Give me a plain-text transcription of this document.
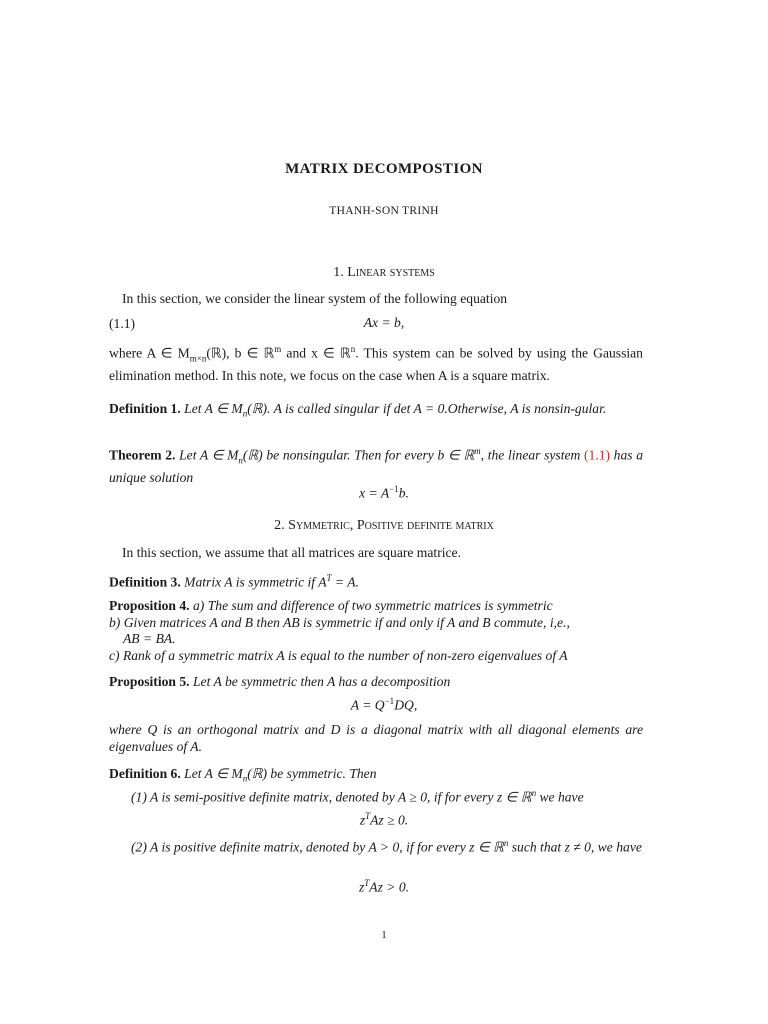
MATRIX DECOMPOSTION
THANH-SON TRINH
1. Linear systems
In this section, we consider the linear system of the following equation
(1.1)	Ax = b,
where A ∈ $M_{m\times n}(ℝ)$, b ∈ ℝ$^m$ and x ∈ ℝ$^n$. This system can be solved by using the Gaussian elimination method. In this note, we focus on the case when A is a square matrix.
Definition 1. Let A ∈ $M_n(ℝ)$. A is called singular if det A = 0.Otherwise, A is nonsin-gular.
Theorem 2. Let A ∈ $M_n(ℝ)$ be nonsingular. Then for every b ∈ ℝ$^m$, the linear system (1.1) has a unique solution
$x = A^{-1}b$.
2. Symmetric, Positive definite matrix
In this section, we assume that all matrices are square matrice.
Definition 3. Matrix A is symmetric if $A^T = A$.
Proposition 4. a) The sum and difference of two symmetric matrices is symmetric
b) Given matrices A and B then AB is symmetric if and only if A and B commute, i,e.,
AB = BA.
c) Rank of a symmetric matrix A is equal to the number of non-zero eigenvalues of A
Proposition 5. Let A be symmetric then A has a decomposition
$A = Q^{-1}DQ$,
where Q is an orthogonal matrix and D is a diagonal matrix with all diagonal elements are eigenvalues of A.
Definition 6. Let A ∈ $M_n(ℝ)$ be symmetric. Then
(1) A is semi-positive definite matrix, denoted by A ≥ 0, if for every z ∈ ℝ$^n$ we have
$z^TAz \ge 0$.
(2) A is positive definite matrix, denoted by A > 0, if for every z ∈ ℝ$^n$ such that z ≠ 0, we have
$z^TAz > 0$.
1
